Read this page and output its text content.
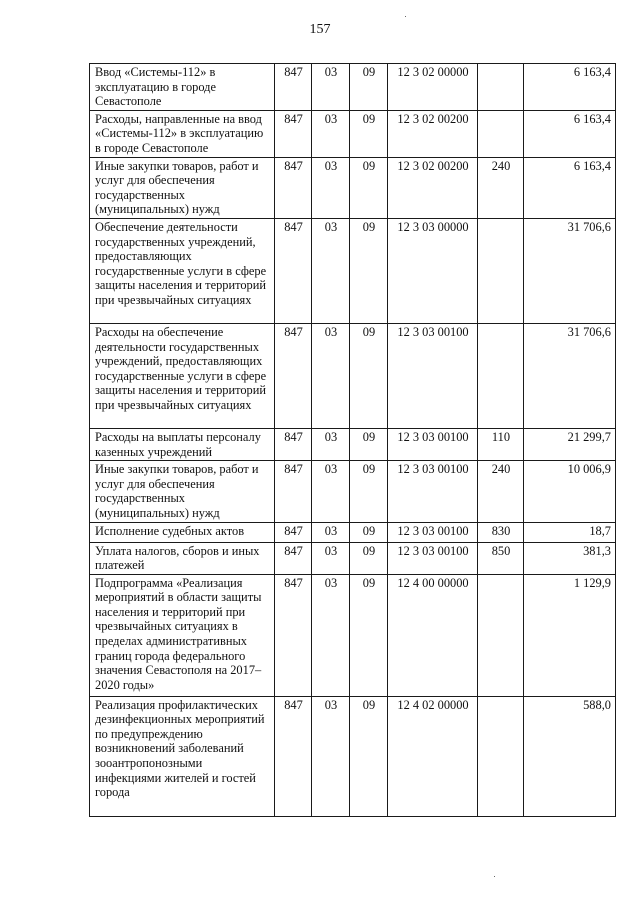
157
Ввод «Системы-112» в эксплуатацию в городе Севастополе	847	03	09	12 3 02 00000		6 163,4
Расходы, направленные на ввод «Системы-112» в эксплуатацию в городе Севастополе	847	03	09	12 3 02 00200		6 163,4
Иные закупки товаров, работ и услуг для обеспечения государственных (муниципальных) нужд	847	03	09	12 3 02 00200	240	6 163,4
Обеспечение деятельности государственных учреждений, предоставляющих государственные услуги в сфере защиты населения и территорий при чрезвычайных ситуациях	847	03	09	12 3 03 00000		31 706,6
Расходы на обеспечение деятельности государственных учреждений, предоставляющих государственные услуги в сфере защиты населения и территорий при чрезвычайных ситуациях	847	03	09	12 3 03 00100		31 706,6
Расходы на выплаты персоналу казенных учреждений	847	03	09	12 3 03 00100	110	21 299,7
Иные закупки товаров, работ и услуг для обеспечения государственных (муниципальных) нужд	847	03	09	12 3 03 00100	240	10 006,9
Исполнение судебных актов	847	03	09	12 3 03 00100	830	18,7
Уплата налогов, сборов и иных платежей	847	03	09	12 3 03 00100	850	381,3
Подпрограмма «Реализация мероприятий в области защиты населения и территорий при чрезвычайных ситуациях в пределах административных границ города федерального значения Севастополя на 2017–2020 годы»	847	03	09	12 4 00 00000		1 129,9
Реализация профилактических дезинфекционных мероприятий по предупреждению возникновений заболеваний зооантропонозными инфекциями жителей и гостей города	847	03	09	12 4 02 00000		588,0
